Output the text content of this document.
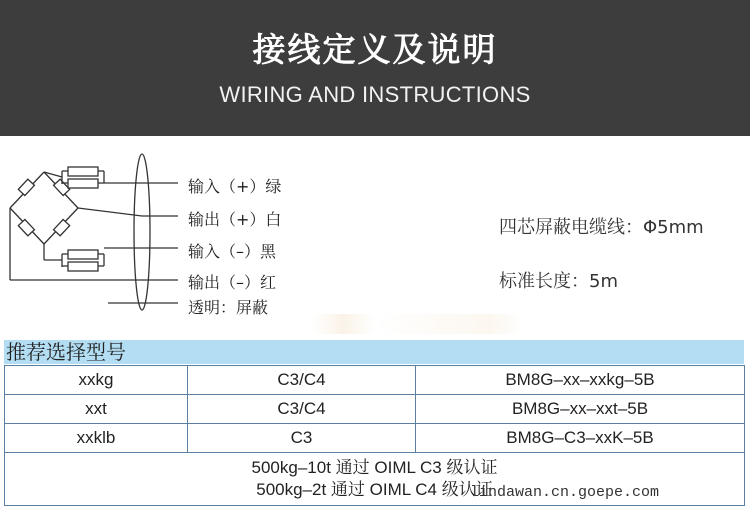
接线定义及说明
WIRING AND INSTRUCTIONS
输入（+）绿
输出（+）白
输入（–）黑
输出（–）红
透明：屏蔽
四芯屏蔽电缆线：Φ5mm
标准长度：5m
推荐选择型号
xxkg	C3/C4	BM8G–xx–xxkg–5B
xxt	C3/C4	BM8G–xx–xxt–5B
xxklb	C3	BM8G–C3–xxK–5B

500kg–10t 通过 OIML C3 级认证
500kg–2t 通过 OIML C4 级认证		
lindawan.cn.goepe.com
